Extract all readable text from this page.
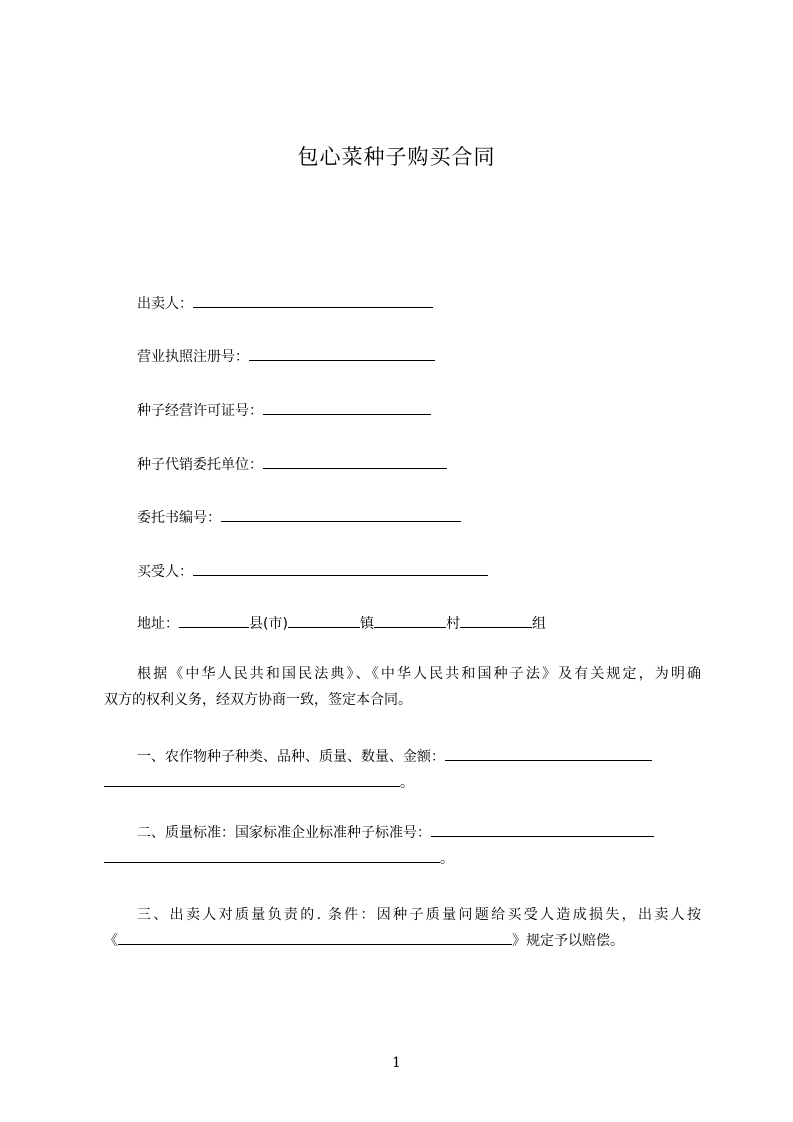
包心菜种子购买合同
出卖人：
营业执照注册号：
种子经营许可证号：
种子代销委托单位：
委托书编号：
买受人：
地址：	县(市)	镇	村	组
根据《中华人民共和国民法典》、《中华人民共和国种子法》及有关规定，为明确
双方的权利义务，经双方协商一致，签定本合同。
一、农作物种子种类、品种、质量、数量、金额：
。
二、质量标准：国家标准企业标准种子标准号：
。
三、出卖人对质量负责的. 条件：因种子质量问题给买受人造成损失，出卖人按
《	》规定予以赔偿。
1
